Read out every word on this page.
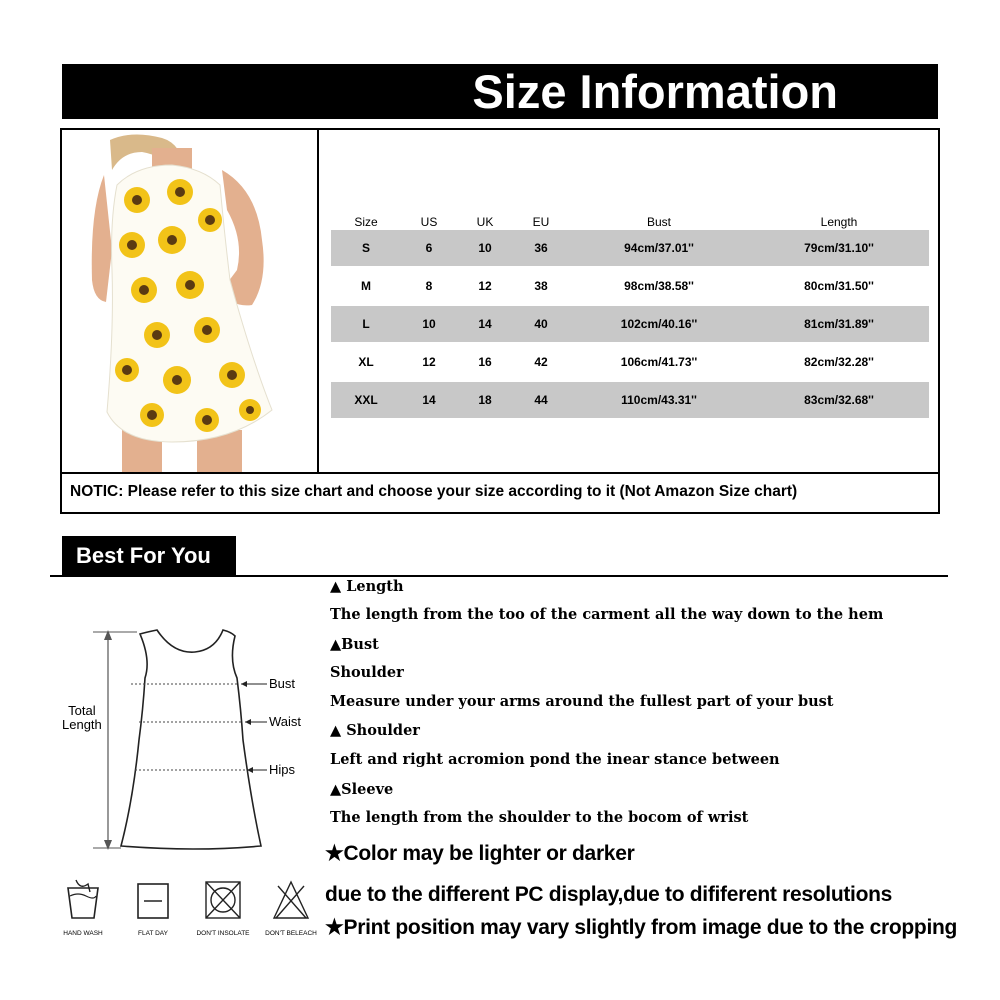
Size Information
Size	US	UK	EU	Bust	Length
S	6	10	36	94cm/37.01''	79cm/31.10''
M	8	12	38	98cm/38.58''	80cm/31.50''
L	10	14	40	102cm/40.16''	81cm/31.89''
XL	12	16	42	106cm/41.73''	82cm/32.28''
XXL	14	18	44	110cm/43.31''	83cm/32.68''
NOTIC: Please refer to this size chart and choose your size according to it (Not Amazon Size chart)
Best For You
▲ Length
The length from the too of the carment all the way down to the hem
▲Bust
Shoulder
Measure under your arms around the fullest part of your bust
▲ Shoulder
Left and right acromion pond the inear stance between
▲Sleeve
The length from the shoulder to the bocom of wrist
★Color may be lighter or darker
due to the different PC display,due to dififerent resolutions
★Print position may vary slightly from image due to the cropping
Total
Length
Bust
Waist
Hips
HAND WASH	FLAT DAY	DON'T INSOLATE	DON'T BELEACH
